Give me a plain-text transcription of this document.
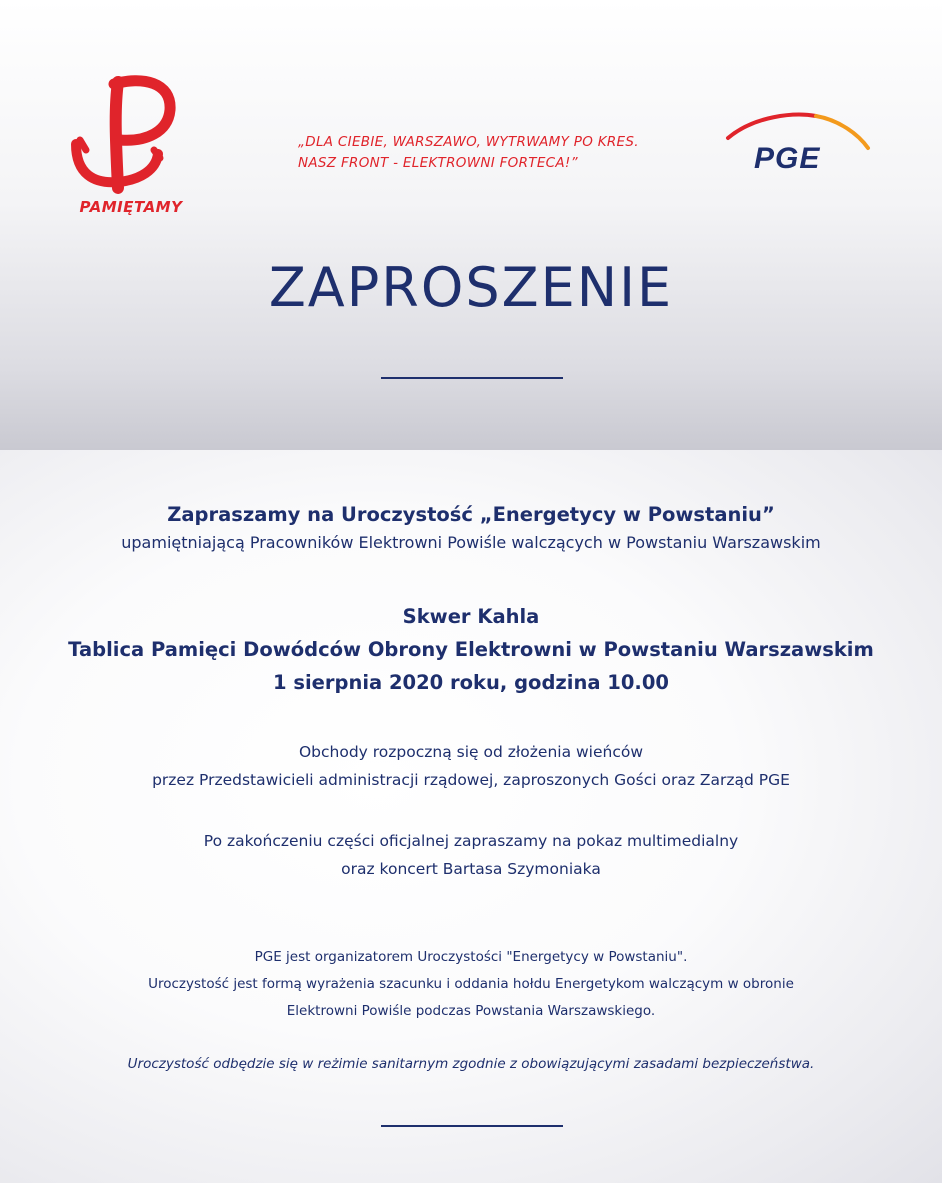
PAMIĘTAMY
„DLA CIEBIE, WARSZAWO, WYTRWAMY PO KRES.
NASZ FRONT - ELEKTROWNI FORTECA!”	PGE
ZAPROSZENIE
Zapraszamy na Uroczystość „Energetycy w Powstaniu”
upamiętniającą Pracowników Elektrowni Powiśle walczących w Powstaniu Warszawskim
Skwer Kahla
Tablica Pamięci Dowódców Obrony Elektrowni w Powstaniu Warszawskim
1 sierpnia 2020 roku, godzina 10.00
Obchody rozpoczną się od złożenia wieńców
przez Przedstawicieli administracji rządowej, zaproszonych Gości oraz Zarząd PGE
Po zakończeniu części oficjalnej zapraszamy na pokaz multimedialny
oraz koncert Bartasa Szymoniaka
PGE jest organizatorem Uroczystości "Energetycy w Powstaniu".
Uroczystość jest formą wyrażenia szacunku i oddania hołdu Energetykom walczącym w obronie
Elektrowni Powiśle podczas Powstania Warszawskiego.
Uroczystość odbędzie się w reżimie sanitarnym zgodnie z obowiązującymi zasadami bezpieczeństwa.
